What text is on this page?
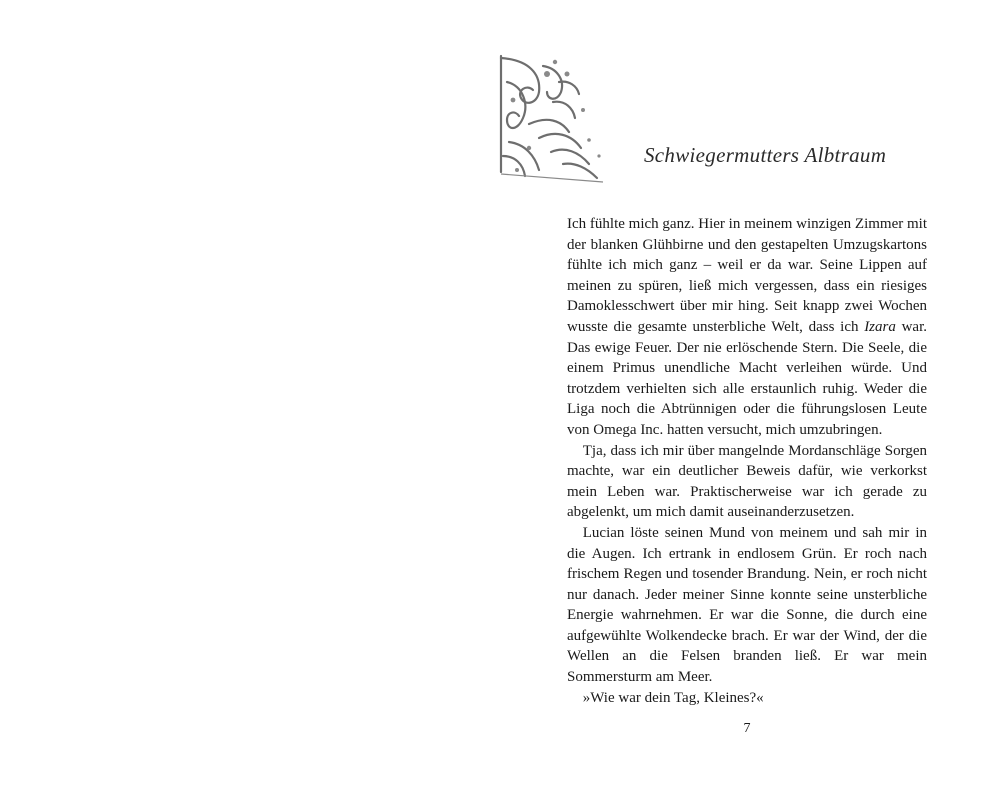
Schwiegermutters Albtraum

Ich fühlte mich ganz. Hier in meinem winzigen Zimmer mit der blanken Glühbirne und den gestapelten Umzugskartons fühlte ich mich ganz – weil er da war. Seine Lippen auf meinen zu spüren, ließ mich vergessen, dass ein riesiges Damoklesschwert über mir hing. Seit knapp zwei Wochen wusste die gesamte unsterbliche Welt, dass ich Izara war. Das ewige Feuer. Der nie erlöschende Stern. Die Seele, die einem Primus unendliche Macht verleihen würde. Und trotzdem verhielten sich alle erstaunlich ruhig. Weder die Liga noch die Abtrünnigen oder die führungslosen Leute von Omega Inc. hatten versucht, mich umzubringen.

Tja, dass ich mir über mangelnde Mordanschläge Sorgen machte, war ein deutlicher Beweis dafür, wie verkorkst mein Leben war. Praktischerweise war ich gerade zu abgelenkt, um mich damit auseinanderzusetzen.

Lucian löste seinen Mund von meinem und sah mir in die Augen. Ich ertrank in endlosem Grün. Er roch nach frischem Regen und tosender Brandung. Nein, er roch nicht nur danach. Jeder meiner Sinne konnte seine unsterbliche Energie wahrnehmen. Er war die Sonne, die durch eine aufgewühlte Wolkendecke brach. Er war der Wind, der die Wellen an die Felsen branden ließ. Er war mein Sommersturm am Meer.

»Wie war dein Tag, Kleines?«

7
